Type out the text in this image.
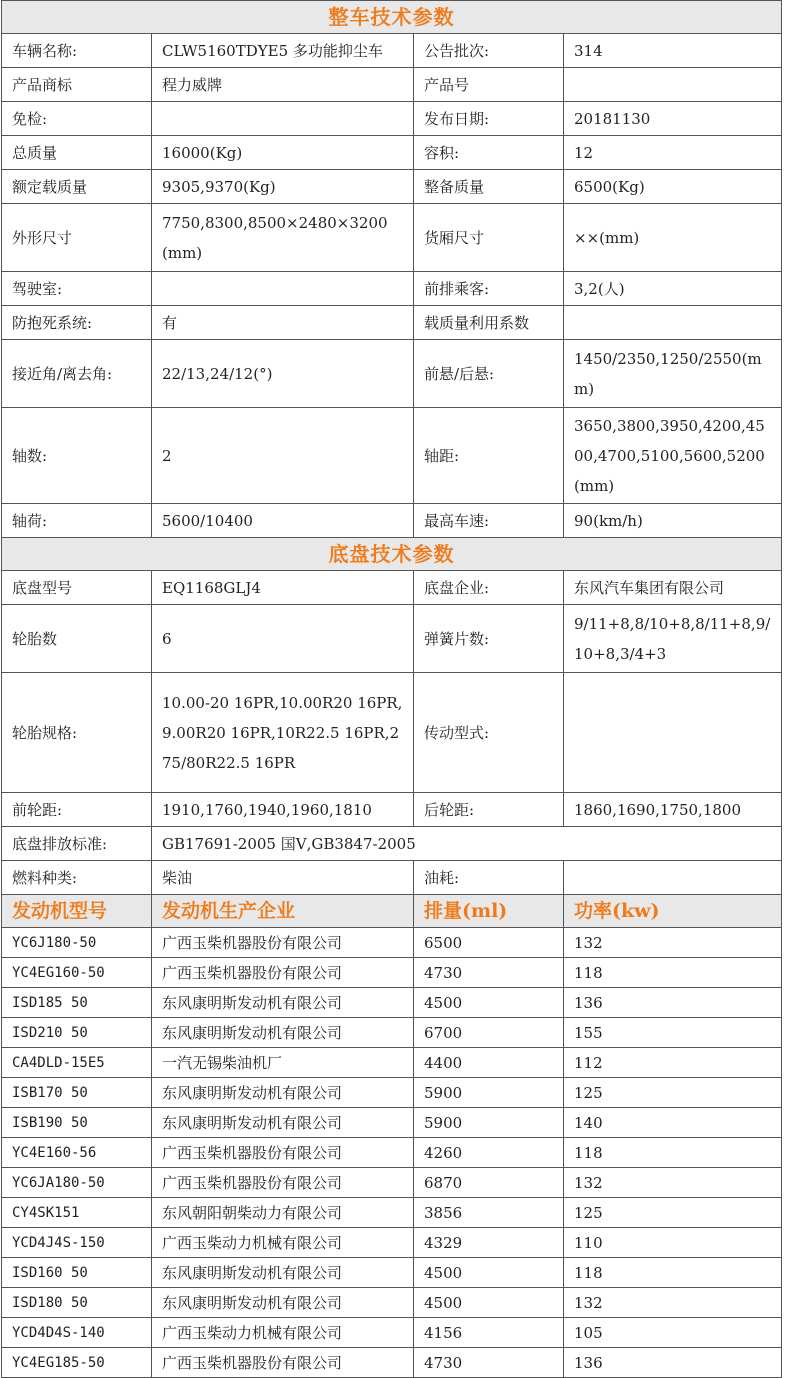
整车技术参数			
车辆名称:	CLW5160TDYE5 多功能抑尘车	公告批次:	314
产品商标	程力威牌	产品号	
免检:		发布日期:	20181130
总质量	16000(Kg)	容积:	12
额定载质量	9305,9370(Kg)	整备质量	6500(Kg)
外形尺寸	7750,8300,8500×2480×3200(mm)	货厢尺寸	××(mm)
驾驶室:		前排乘客:	3,2(人)
防抱死系统:	有	载质量利用系数	
接近角/离去角:	22/13,24/12(°)	前悬/后悬:	1450/2350,1250/2550(mm)
轴数:	2	轴距:	3650,3800,3950,4200,4500,4700,5100,5600,5200(mm)
轴荷:	5600/10400	最高车速:	90(km/h)
底盘技术参数			
底盘型号	EQ1168GLJ4	底盘企业:	东风汽车集团有限公司
轮胎数	6	弹簧片数:	9/11+8,8/10+8,8/11+8,9/10+8,3/4+3
轮胎规格:	10.00-20 16PR,10.00R20 16PR,9.00R20 16PR,10R22.5 16PR,275/80R22.5 16PR	传动型式:	
前轮距:	1910,1760,1940,1960,1810	后轮距:	1860,1690,1750,1800
底盘排放标准:	GB17691-2005 国Ⅴ,GB3847-2005		
燃料种类:	柴油	油耗:	
发动机型号	发动机生产企业	排量(ml)	功率(kw)
YC6J180-50	广西玉柴机器股份有限公司	6500	132
YC4EG160-50	广西玉柴机器股份有限公司	4730	118
ISD185 50	东风康明斯发动机有限公司	4500	136
ISD210 50	东风康明斯发动机有限公司	6700	155
CA4DLD-15E5	一汽无锡柴油机厂	4400	112
ISB170 50	东风康明斯发动机有限公司	5900	125
ISB190 50	东风康明斯发动机有限公司	5900	140
YC4E160-56	广西玉柴机器股份有限公司	4260	118
YC6JA180-50	广西玉柴机器股份有限公司	6870	132
CY4SK151	东风朝阳朝柴动力有限公司	3856	125
YCD4J4S-150	广西玉柴动力机械有限公司	4329	110
ISD160 50	东风康明斯发动机有限公司	4500	118
ISD180 50	东风康明斯发动机有限公司	4500	132
YCD4D4S-140	广西玉柴动力机械有限公司	4156	105
YC4EG185-50	广西玉柴机器股份有限公司	4730	136
